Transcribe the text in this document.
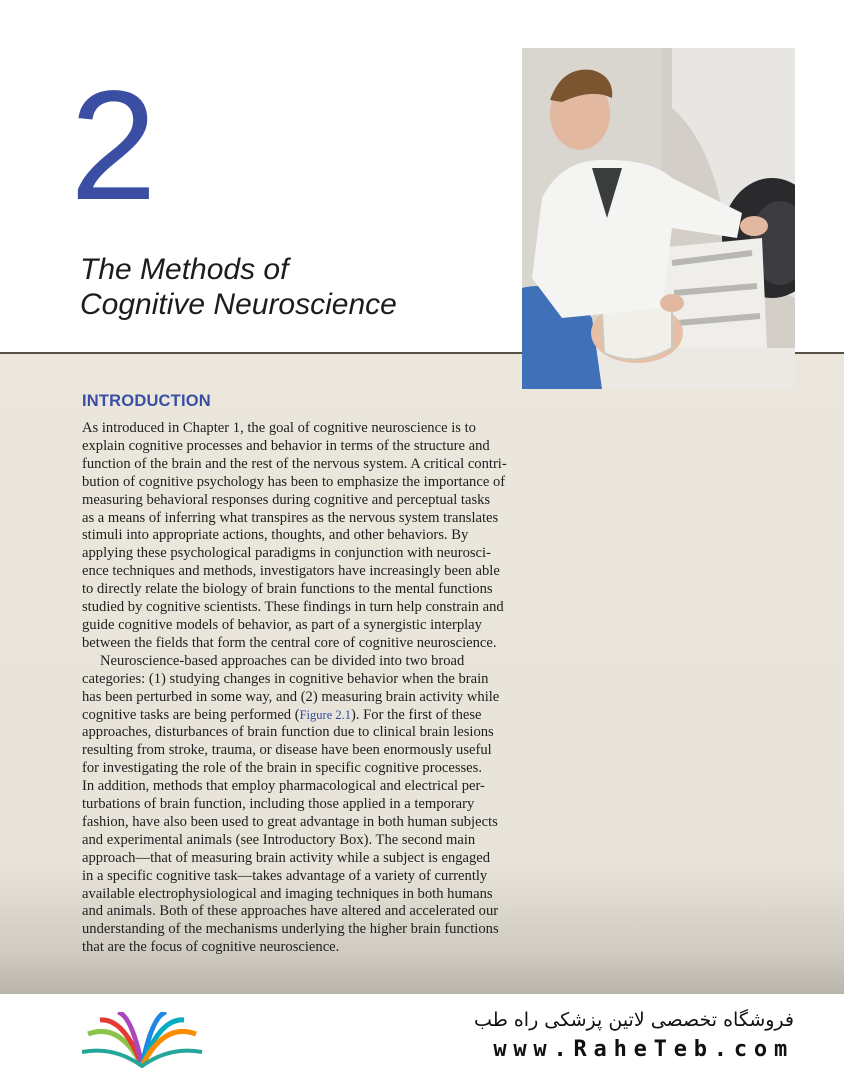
2
The Methods of
Cognitive Neuroscience
INTRODUCTION

As introduced in Chapter 1, the goal of cognitive neuroscience is to

explain cognitive processes and behavior in terms of the structure and

function of the brain and the rest of the nervous system. A critical contri-

bution of cognitive psychology has been to emphasize the importance of

measuring behavioral responses during cognitive and perceptual tasks

as a means of inferring what transpires as the nervous system translates

stimuli into appropriate actions, thoughts, and other behaviors. By

applying these psychological paradigms in conjunction with neurosci-

ence techniques and methods, investigators have increasingly been able

to directly relate the biology of brain functions to the mental functions

studied by cognitive scientists. These findings in turn help constrain and

guide cognitive models of behavior, as part of a synergistic interplay

between the fields that form the central core of cognitive neuroscience.

Neuroscience-based approaches can be divided into two broad

categories: (1) studying changes in cognitive behavior when the brain

has been perturbed in some way, and (2) measuring brain activity while

cognitive tasks are being performed (Figure 2.1). For the first of these

approaches, disturbances of brain function due to clinical brain lesions

resulting from stroke, trauma, or disease have been enormously useful

for investigating the role of the brain in specific cognitive processes.

In addition, methods that employ pharmacological and electrical per-

turbations of brain function, including those applied in a temporary

fashion, have also been used to great advantage in both human subjects

and experimental animals (see Introductory Box). The second main

approach—that of measuring brain activity while a subject is engaged

in a specific cognitive task—takes advantage of a variety of currently

available electrophysiological and imaging techniques in both humans

and animals. Both of these approaches have altered and accelerated our

understanding of the mechanisms underlying the higher brain functions

that are the focus of cognitive neuroscience.

فروشگاه تخصصی لاتین پزشکی راه طب
www.RaheTeb.com
